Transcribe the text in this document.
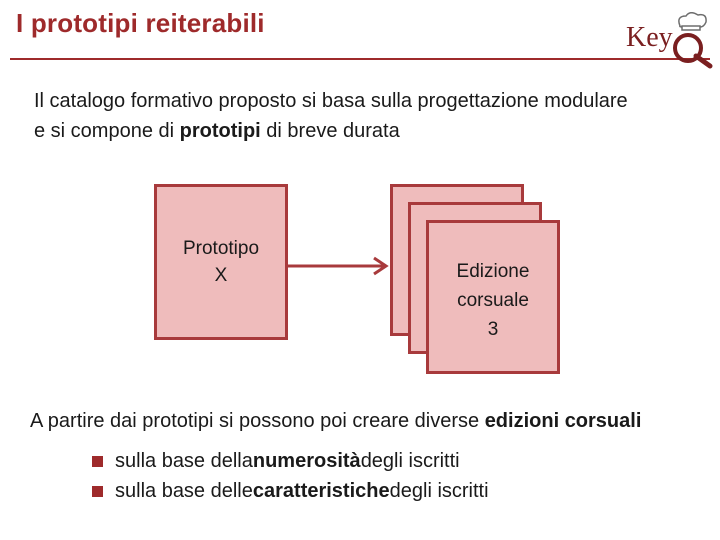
I prototipi reiterabili	Key
Il catalogo formativo proposto si basa sulla progettazione modulare
e si compone di prototipi di breve durata
Prototipo
X	Edizione
corsuale
3
A partire dai prototipi si possono poi creare diverse edizioni corsuali
sulla base della numerosità degli iscritti
sulla base delle caratteristiche degli iscritti
